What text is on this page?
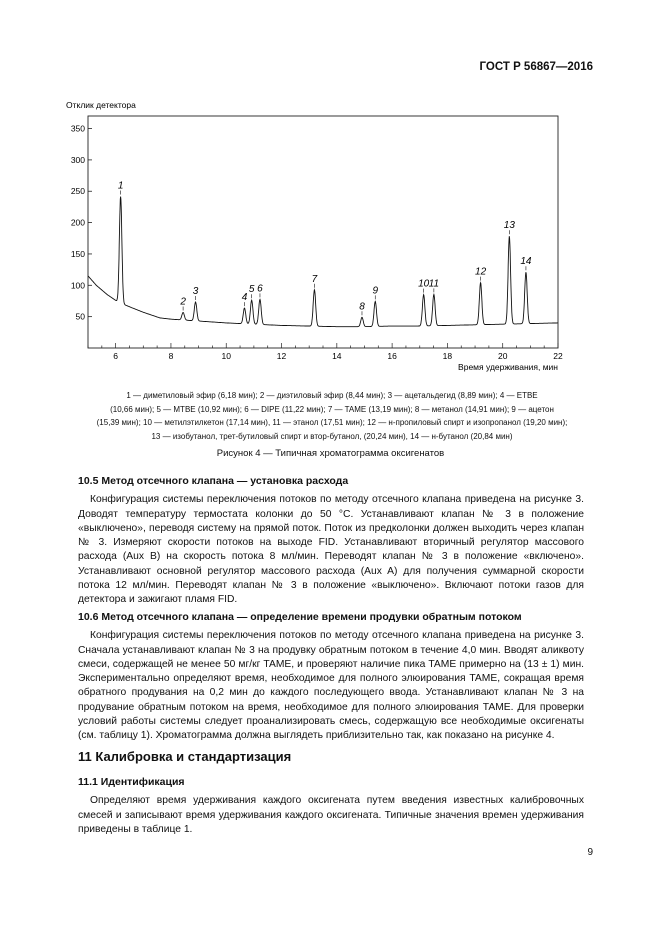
ГОСТ Р 56867—2016
Отклик детектора
50
100
150
200
250
300
350
6	8	10	12	14	16	18	20	22
Время удерживания, мин
1
2
3
4
5 6
7
8
9
10 11
12
13
14
1 — диметиловый эфир (6,18 мин); 2 — диэтиловый эфир (8,44 мин); 3 — ацетальдегид (8,89 мин); 4 — ETBE
(10,66 мин); 5 — MTBE (10,92 мин); 6 — DIPE (11,22 мин); 7 — TAME (13,19 мин); 8 — метанол (14,91 мин); 9 — ацетон
(15,39 мин); 10 — метилэтилкетон (17,14 мин), 11 — этанол (17,51 мин); 12 — н-пропиловый спирт и изопропанол (19,20 мин);
13 — изобутанол, трет-бутиловый спирт и втор-бутанол, (20,24 мин), 14 — н-бутанол (20,84 мин)
Рисунок 4 — Типичная хроматограмма оксигенатов

10.5 Метод отсечного клапана — установка расхода

Конфигурация системы переключения потоков по методу отсечного клапана приведена на рисунке 3. Доводят температуру термостата колонки до 50 °С. Устанавливают клапан № 3 в положение «выключено», переводя систему на прямой поток. Поток из предколонки должен выходить через клапан № 3. Измеряют скорости потоков на выходе FID. Устанавливают вторичный регулятор массового расхода (Aux B) на скорость потока 8 мл/мин. Переводят клапан № 3 в положение «включено». Устанавливают основной регулятор массового расхода (Aux A) для получения суммарной скорости потока 12 мл/мин. Переводят клапан № 3 в положение «выключено». Включают потоки газов для детектора и зажигают пламя FID.

10.6 Метод отсечного клапана — определение времени продувки обратным потоком

Конфигурация системы переключения потоков по методу отсечного клапана приведена на рисунке 3. Сначала устанавливают клапан № 3 на продувку обратным потоком в течение 4,0 мин. Вводят аликвоту смеси, содержащей не менее 50 мг/кг TAME, и проверяют наличие пика TAME примерно на (13 ± 1) мин. Экспериментально определяют время, необходимое для полного элюирования TAME, сокращая время обратного продувания на 0,2 мин до каждого последующего ввода. Устанавливают клапан № 3 на продувание обратным потоком на время, необходимое для полного элюирования TAME. Для проверки условий работы системы следует проанализировать смесь, содержащую все необходимые оксигенаты (см. таблицу 1). Хроматограмма должна выглядеть приблизительно так, как показано на рисунке 4.

11 Калибровка и стандартизация

11.1 Идентификация

Определяют время удерживания каждого оксигената путем введения известных калибровочных смесей и записывают время удерживания каждого оксигената. Типичные значения времен удерживания приведены в таблице 1.

9
